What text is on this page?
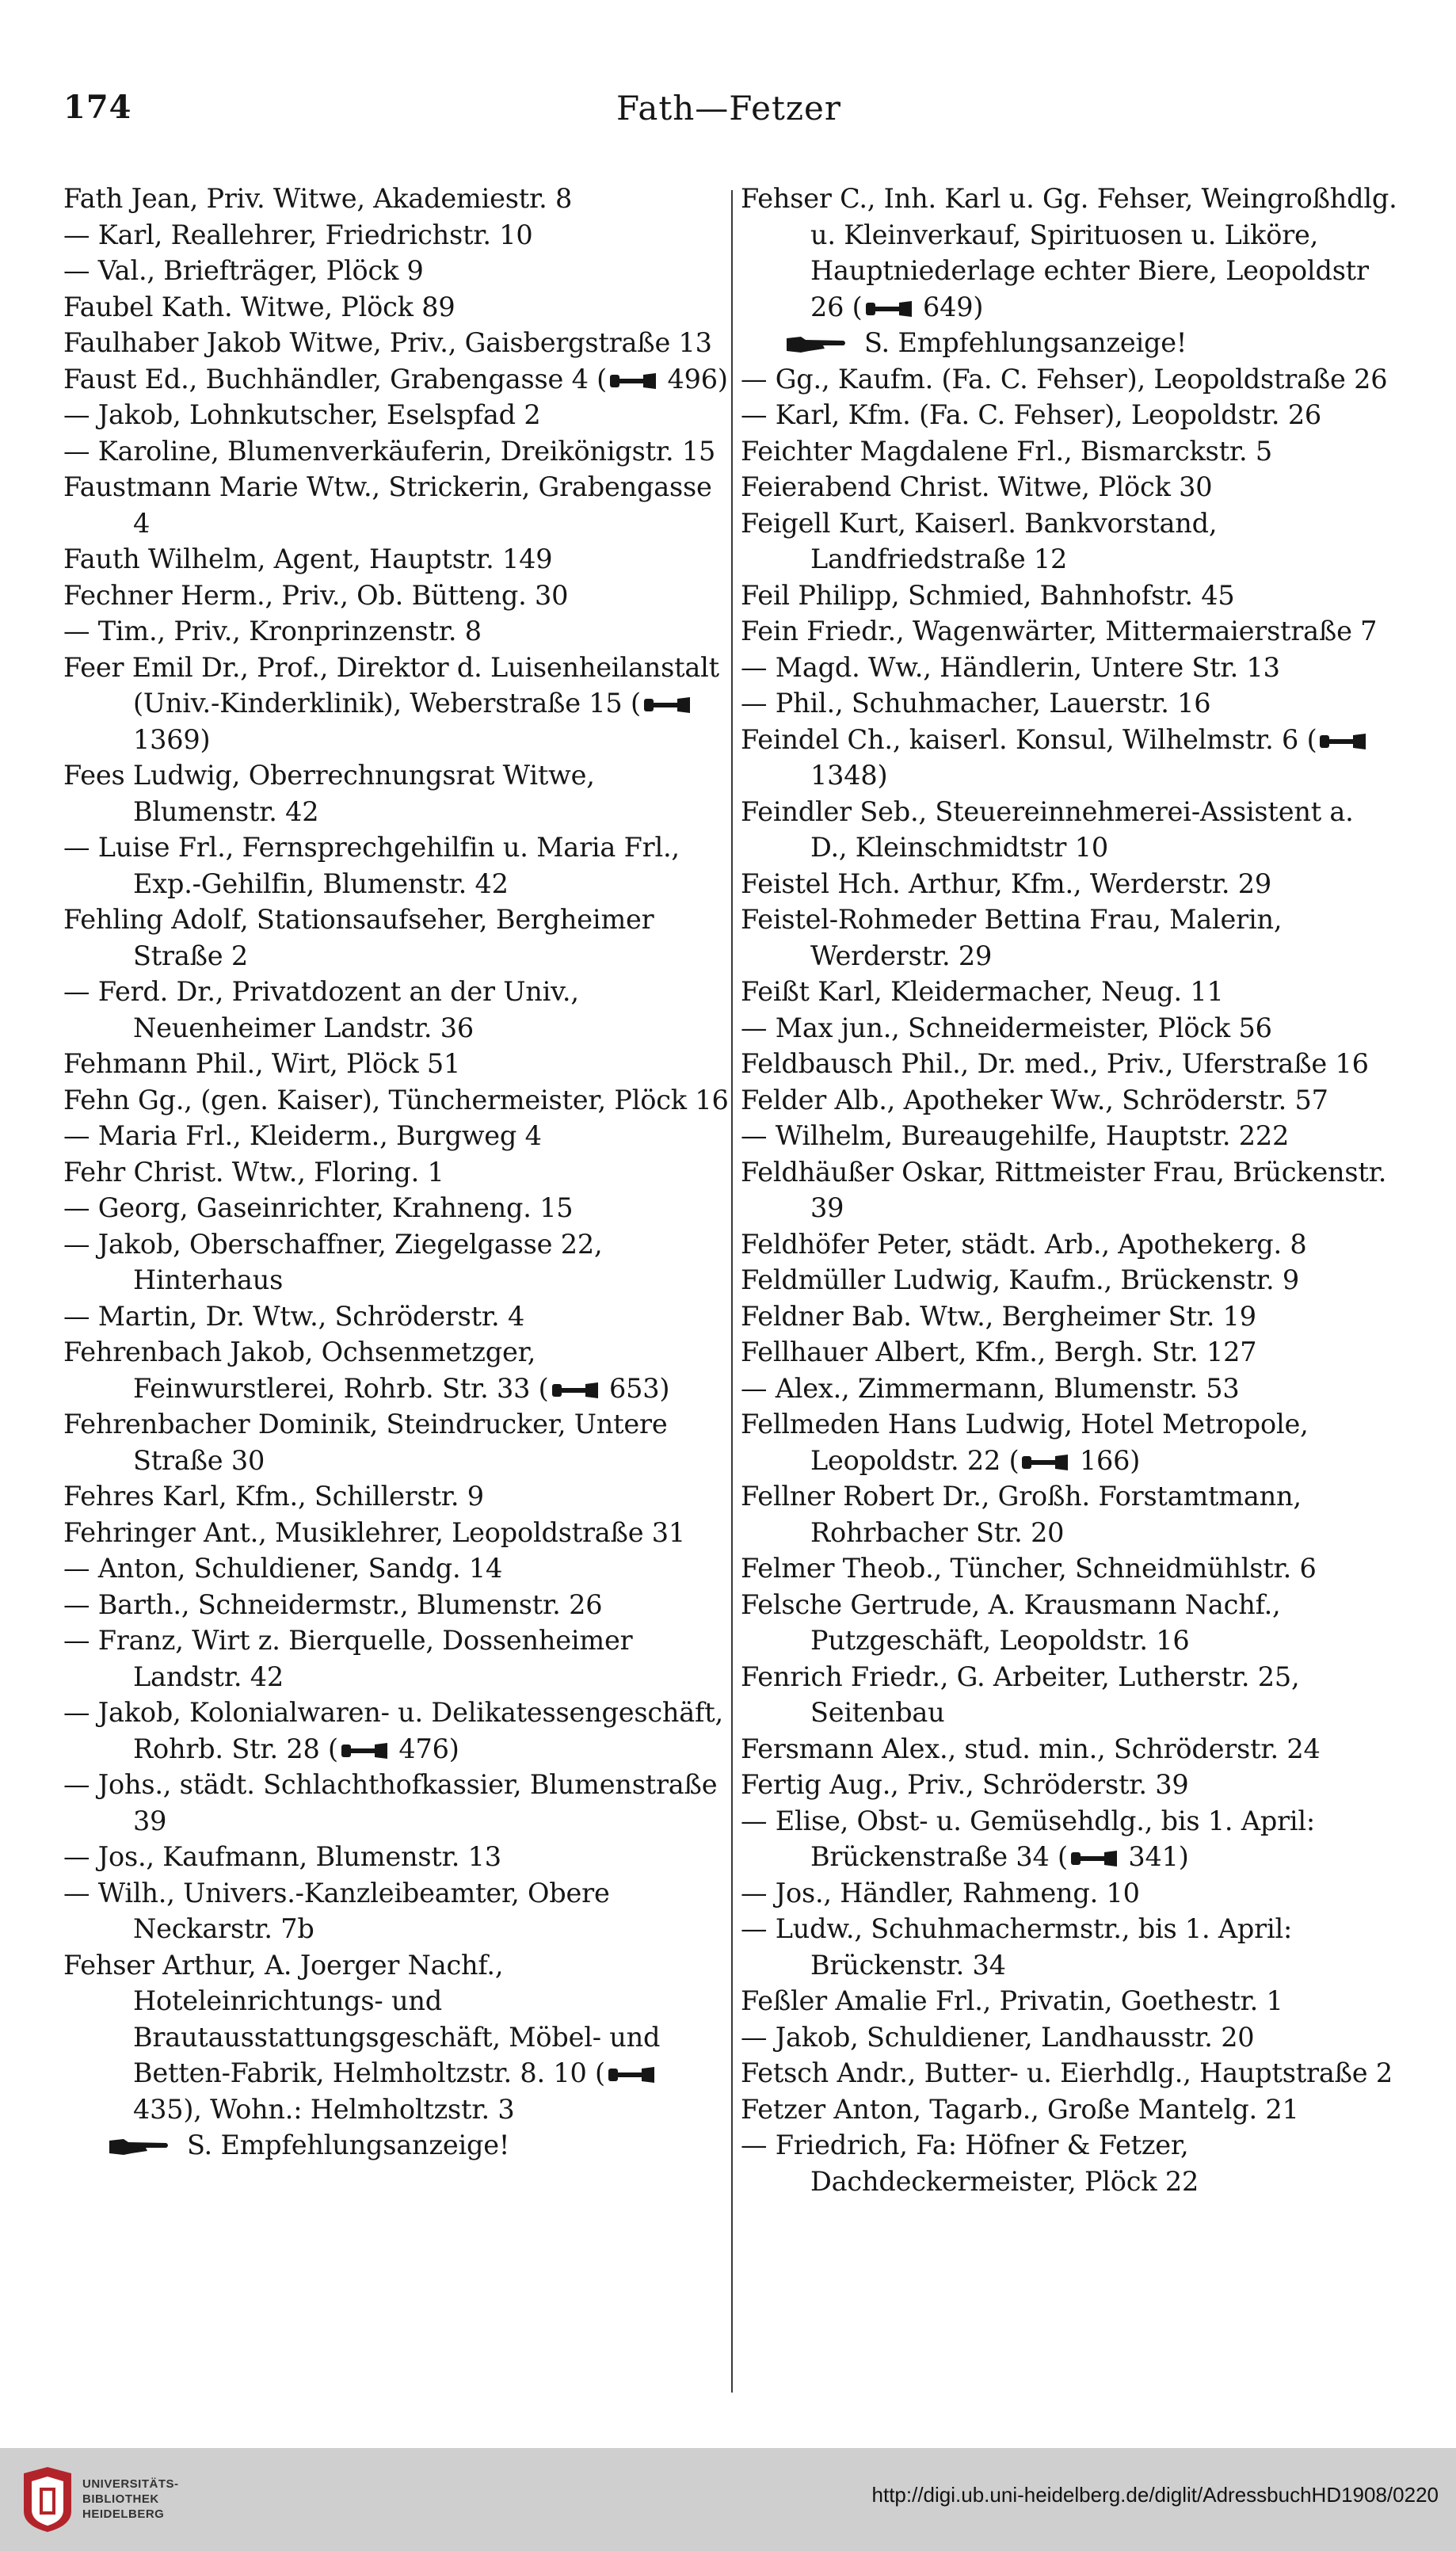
174	Fath—Fetzer

Fath Jean, Priv. Witwe, Akademiestr. 8

— Karl, Reallehrer, Friedrichstr. 10

— Val., Briefträger, Plöck 9

Faubel Kath. Witwe, Plöck 89

Faulhaber Jakob Witwe, Priv., Gaisbergstraße 13

Faust Ed., Buchhändler, Grabengasse 4 ( 496)

— Jakob, Lohnkutscher, Eselspfad 2

— Karoline, Blumenverkäuferin, Dreikönigstr. 15

Faustmann Marie Wtw., Strickerin, Grabengasse 4

Fauth Wilhelm, Agent, Hauptstr. 149

Fechner Herm., Priv., Ob. Bütteng. 30

— Tim., Priv., Kronprinzenstr. 8

Feer Emil Dr., Prof., Direktor d. Luisenheilanstalt (Univ.-Kinderklinik), Weberstraße 15 ( 1369)

Fees Ludwig, Oberrechnungsrat Witwe, Blumenstr. 42

— Luise Frl., Fernsprechgehilfin u. Maria Frl., Exp.-Gehilfin, Blumenstr. 42

Fehling Adolf, Stationsaufseher, Bergheimer Straße 2

— Ferd. Dr., Privatdozent an der Univ., Neuenheimer Landstr. 36

Fehmann Phil., Wirt, Plöck 51

Fehn Gg., (gen. Kaiser), Tünchermeister, Plöck 16

— Maria Frl., Kleiderm., Burgweg 4

Fehr Christ. Wtw., Floring. 1

— Georg, Gaseinrichter, Krahneng. 15

— Jakob, Oberschaffner, Ziegelgasse 22, Hinterhaus

— Martin, Dr. Wtw., Schröderstr. 4

Fehrenbach Jakob, Ochsenmetzger, Feinwurstlerei, Rohrb. Str. 33 ( 653)

Fehrenbacher Dominik, Steindrucker, Untere Straße 30

Fehres Karl, Kfm., Schillerstr. 9

Fehringer Ant., Musiklehrer, Leopoldstraße 31

— Anton, Schuldiener, Sandg. 14

— Barth., Schneidermstr., Blumenstr. 26

— Franz, Wirt z. Bierquelle, Dossenheimer Landstr. 42

— Jakob, Kolonialwaren- u. Delikatessengeschäft, Rohrb. Str. 28 ( 476)

— Johs., städt. Schlachthofkassier, Blumenstraße 39

— Jos., Kaufmann, Blumenstr. 13

— Wilh., Univers.-Kanzleibeamter, Obere Neckarstr. 7b

Fehser Arthur, A. Joerger Nachf., Hoteleinrichtungs- und Brautausstattungsgeschäft, Möbel- und Betten-Fabrik, Helmholtzstr. 8. 10 ( 435), Wohn.: Helmholtzstr. 3

S. Empfehlungsanzeige!

Fehser C., Inh. Karl u. Gg. Fehser, Weingroßhdlg. u. Kleinverkauf, Spirituosen u. Liköre, Hauptniederlage echter Biere, Leopoldstr 26 ( 649)

S. Empfehlungsanzeige!

— Gg., Kaufm. (Fa. C. Fehser), Leopoldstraße 26

— Karl, Kfm. (Fa. C. Fehser), Leopoldstr. 26

Feichter Magdalene Frl., Bismarckstr. 5

Feierabend Christ. Witwe, Plöck 30

Feigell Kurt, Kaiserl. Bankvorstand, Landfriedstraße 12

Feil Philipp, Schmied, Bahnhofstr. 45

Fein Friedr., Wagenwärter, Mittermaierstraße 7

— Magd. Ww., Händlerin, Untere Str. 13

— Phil., Schuhmacher, Lauerstr. 16

Feindel Ch., kaiserl. Konsul, Wilhelmstr. 6 ( 1348)

Feindler Seb., Steuereinnehmerei-Assistent a. D., Kleinschmidtstr 10

Feistel Hch. Arthur, Kfm., Werderstr. 29

Feistel-Rohmeder Bettina Frau, Malerin, Werderstr. 29

Feißt Karl, Kleidermacher, Neug. 11

— Max jun., Schneidermeister, Plöck 56

Feldbausch Phil., Dr. med., Priv., Uferstraße 16

Felder Alb., Apotheker Ww., Schröderstr. 57

— Wilhelm, Bureaugehilfe, Hauptstr. 222

Feldhäußer Oskar, Rittmeister Frau, Brückenstr. 39

Feldhöfer Peter, städt. Arb., Apothekerg. 8

Feldmüller Ludwig, Kaufm., Brückenstr. 9

Feldner Bab. Wtw., Bergheimer Str. 19

Fellhauer Albert, Kfm., Bergh. Str. 127

— Alex., Zimmermann, Blumenstr. 53

Fellmeden Hans Ludwig, Hotel Metropole, Leopoldstr. 22 ( 166)

Fellner Robert Dr., Großh. Forstamtmann, Rohrbacher Str. 20

Felmer Theob., Tüncher, Schneidmühlstr. 6

Felsche Gertrude, A. Krausmann Nachf., Putzgeschäft, Leopoldstr. 16

Fenrich Friedr., G. Arbeiter, Lutherstr. 25, Seitenbau

Fersmann Alex., stud. min., Schröderstr. 24

Fertig Aug., Priv., Schröderstr. 39

— Elise, Obst- u. Gemüsehdlg., bis 1. April: Brückenstraße 34 ( 341)

— Jos., Händler, Rahmeng. 10

— Ludw., Schuhmachermstr., bis 1. April: Brückenstr. 34

Feßler Amalie Frl., Privatin, Goethestr. 1

— Jakob, Schuldiener, Landhausstr. 20

Fetsch Andr., Butter- u. Eierhdlg., Hauptstraße 2

Fetzer Anton, Tagarb., Große Mantelg. 21

— Friedrich, Fa: Höfner & Fetzer, Dachdeckermeister, Plöck 22

UNIVERSITÄTS-
BIBLIOTHEK
HEIDELBERG
http://digi.ub.uni-heidelberg.de/diglit/AdressbuchHD1908/0220
